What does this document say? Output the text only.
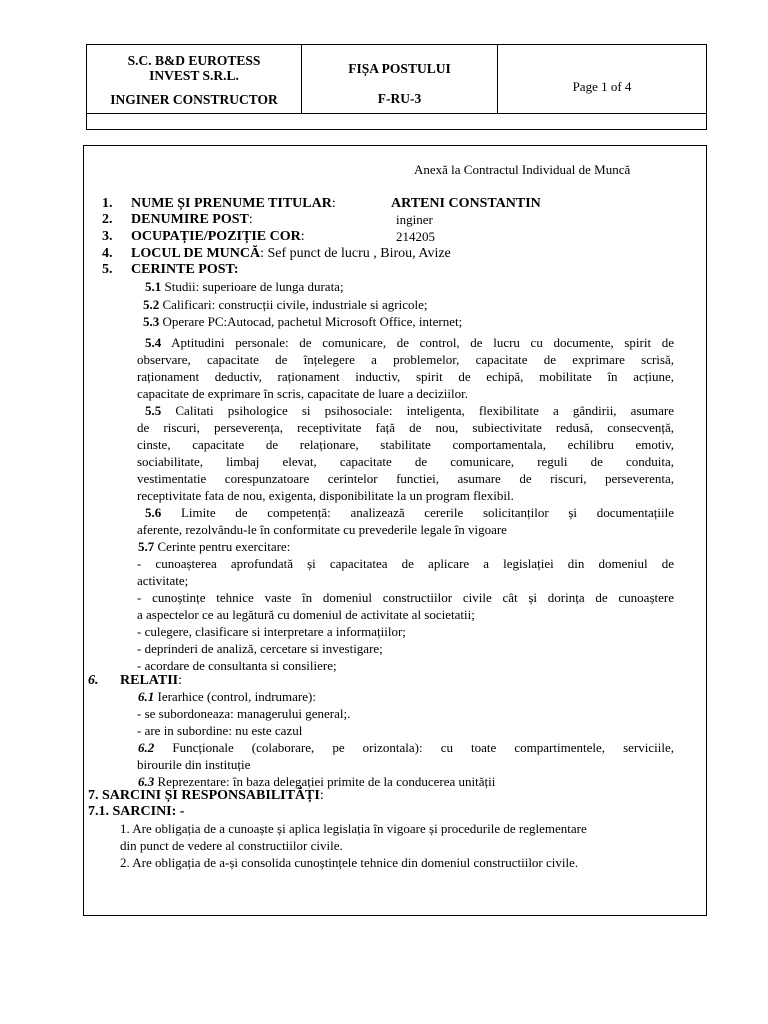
S.C. B&D EUROTESS
INVEST S.R.L.
INGINER CONSTRUCTOR
FIȘA POSTULUI
F-RU-3
Page 1 of 4
Anexă la Contractul Individual de Muncă
1. NUME ȘI PRENUME TITULAR:	ARTENI CONSTANTIN
2. DENUMIRE POST:	inginer
3. OCUPAȚIE/POZIȚIE COR:	214205
4. LOCUL DE MUNCĂ: Sef punct de lucru , Birou, Avize
5. CERINTE POST:
5.1 Studii: superioare de lunga durata;
5.2 Calificari: construcții civile, industriale si agricole;
5.3 Operare PC:Autocad, pachetul Microsoft Office, internet;
5.4 Aptitudini personale: de comunicare, de control, de lucru cu documente, spirit de
observare, capacitate de înțelegere a problemelor, capacitate de exprimare scrisă,
raționament deductiv, raționament inductiv, spirit de echipă, mobilitate în acțiune,
capacitate de exprimare în scris, capacitate de luare a deciziilor.
5.5 Calitati psihologice si psihosociale: inteligenta, flexibilitate a gândirii, asumare
de riscuri, perseverența, receptivitate față de nou, subiectivitate redusă, consecvență,
cinste, capacitate de relaționare, stabilitate comportamentala, echilibru emotiv,
sociabilitate, limbaj elevat, capacitate de comunicare, reguli de conduita,
vestimentatie corespunzatoare cerintelor functiei, asumare de riscuri, perseverenta,
receptivitate fata de nou, exigenta, disponibilitate la un program flexibil.
5.6 Limite de competență: analizează cererile solicitanților și documentațiile
aferente, rezolvându-le în conformitate cu prevederile legale în vigoare
5.7 Cerinte pentru exercitare:
- cunoașterea aprofundată și capacitatea de aplicare a legislației din domeniul de
activitate;
- cunoștințe tehnice vaste în domeniul constructiilor civile cât și dorința de cunoaștere
a aspectelor ce au legătură cu domeniul de activitate al societatii;
- culegere, clasificare si interpretare a informațiilor;
- deprinderi de analiză, cercetare si investigare;
- acordare de consultanta si consiliere;
6. RELATII:
6.1 Ierarhice (control, indrumare):
- se subordoneaza: managerului general;.
- are in subordine: nu este cazul
6.2 Funcționale (colaborare, pe orizontala): cu toate compartimentele, serviciile,
birourile din instituție
6.3 Reprezentare: în baza delegației primite de la conducerea unității
7. SARCINI ȘI RESPONSABILITĂȚI:
7.1. SARCINI: -
1. Are obligația de a cunoaște și aplica legislația în vigoare și procedurile de reglementare
din punct de vedere al constructiilor civile.
2. Are obligația de a-și consolida cunoștințele tehnice din domeniul constructiilor civile.
